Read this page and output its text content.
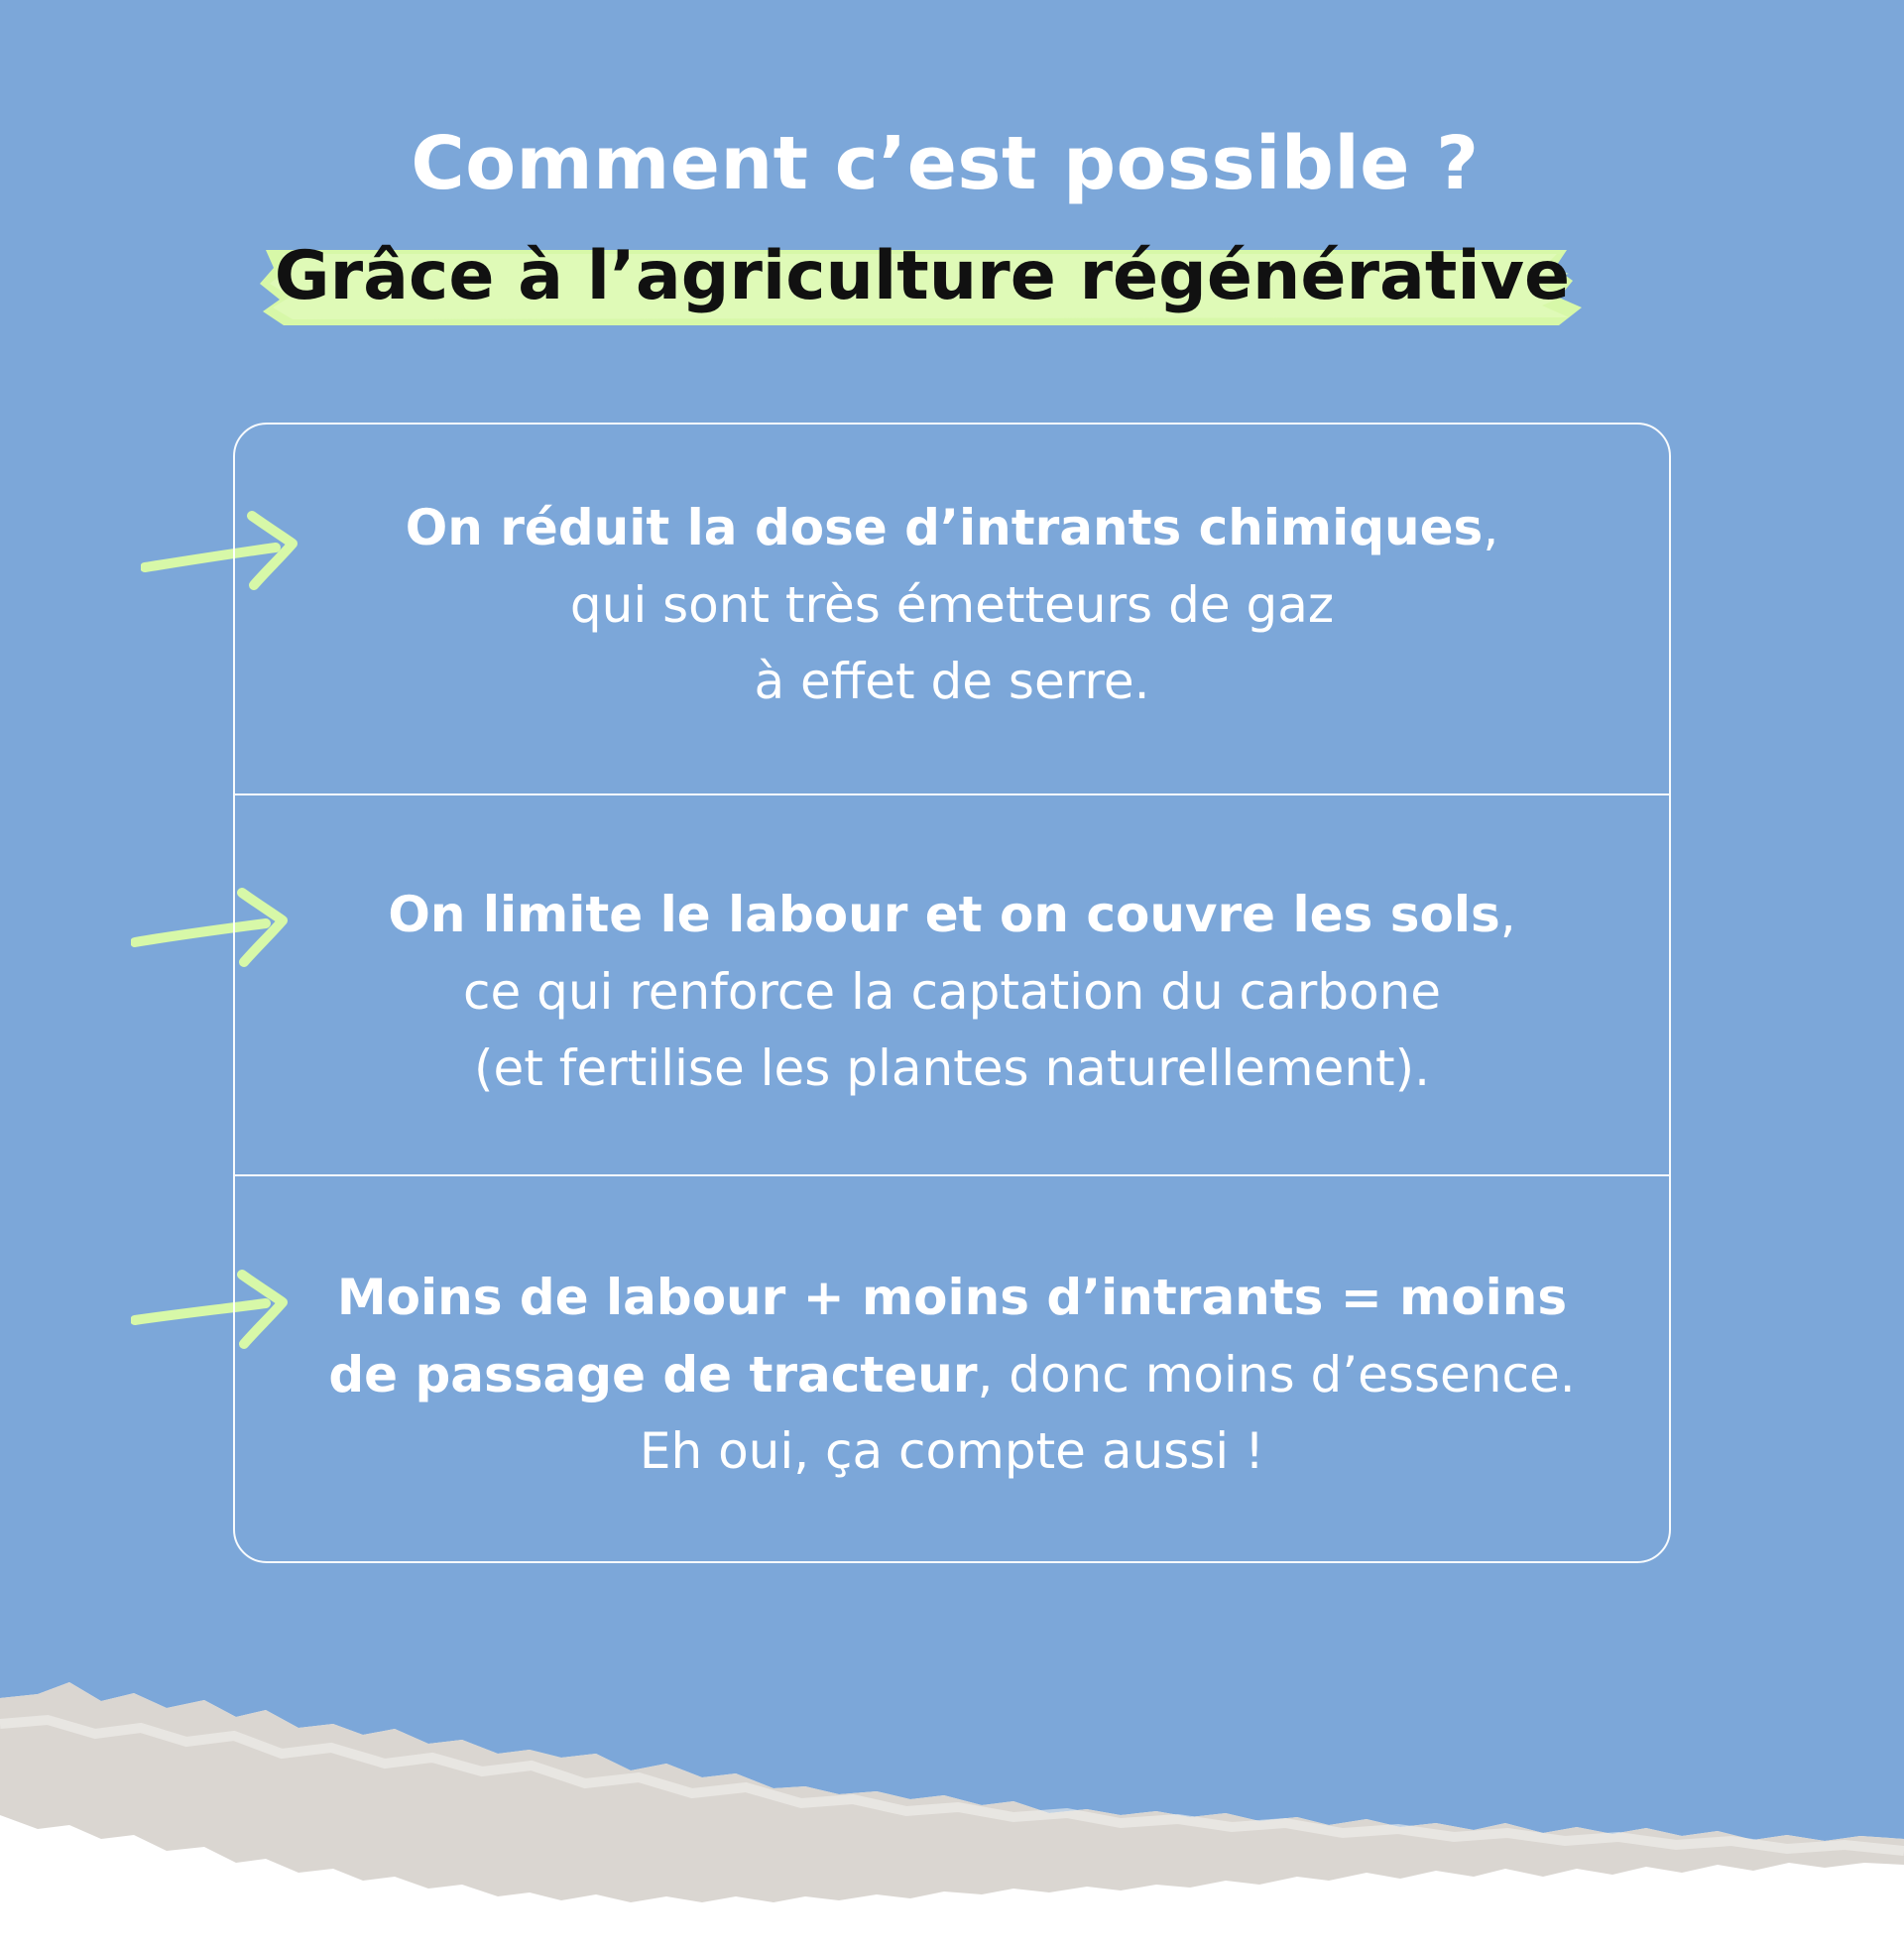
Comment c’est possible ?
Grâce à l’agriculture régénérative
On réduit la dose d’intrants chimiques,
qui sont très émetteurs de gaz
à effet de serre.
On limite le labour et on couvre les sols,
ce qui renforce la captation du carbone
(et fertilise les plantes naturellement).
Moins de labour + moins d’intrants = moins
de passage de tracteur, donc moins d’essence.
Eh oui, ça compte aussi !
